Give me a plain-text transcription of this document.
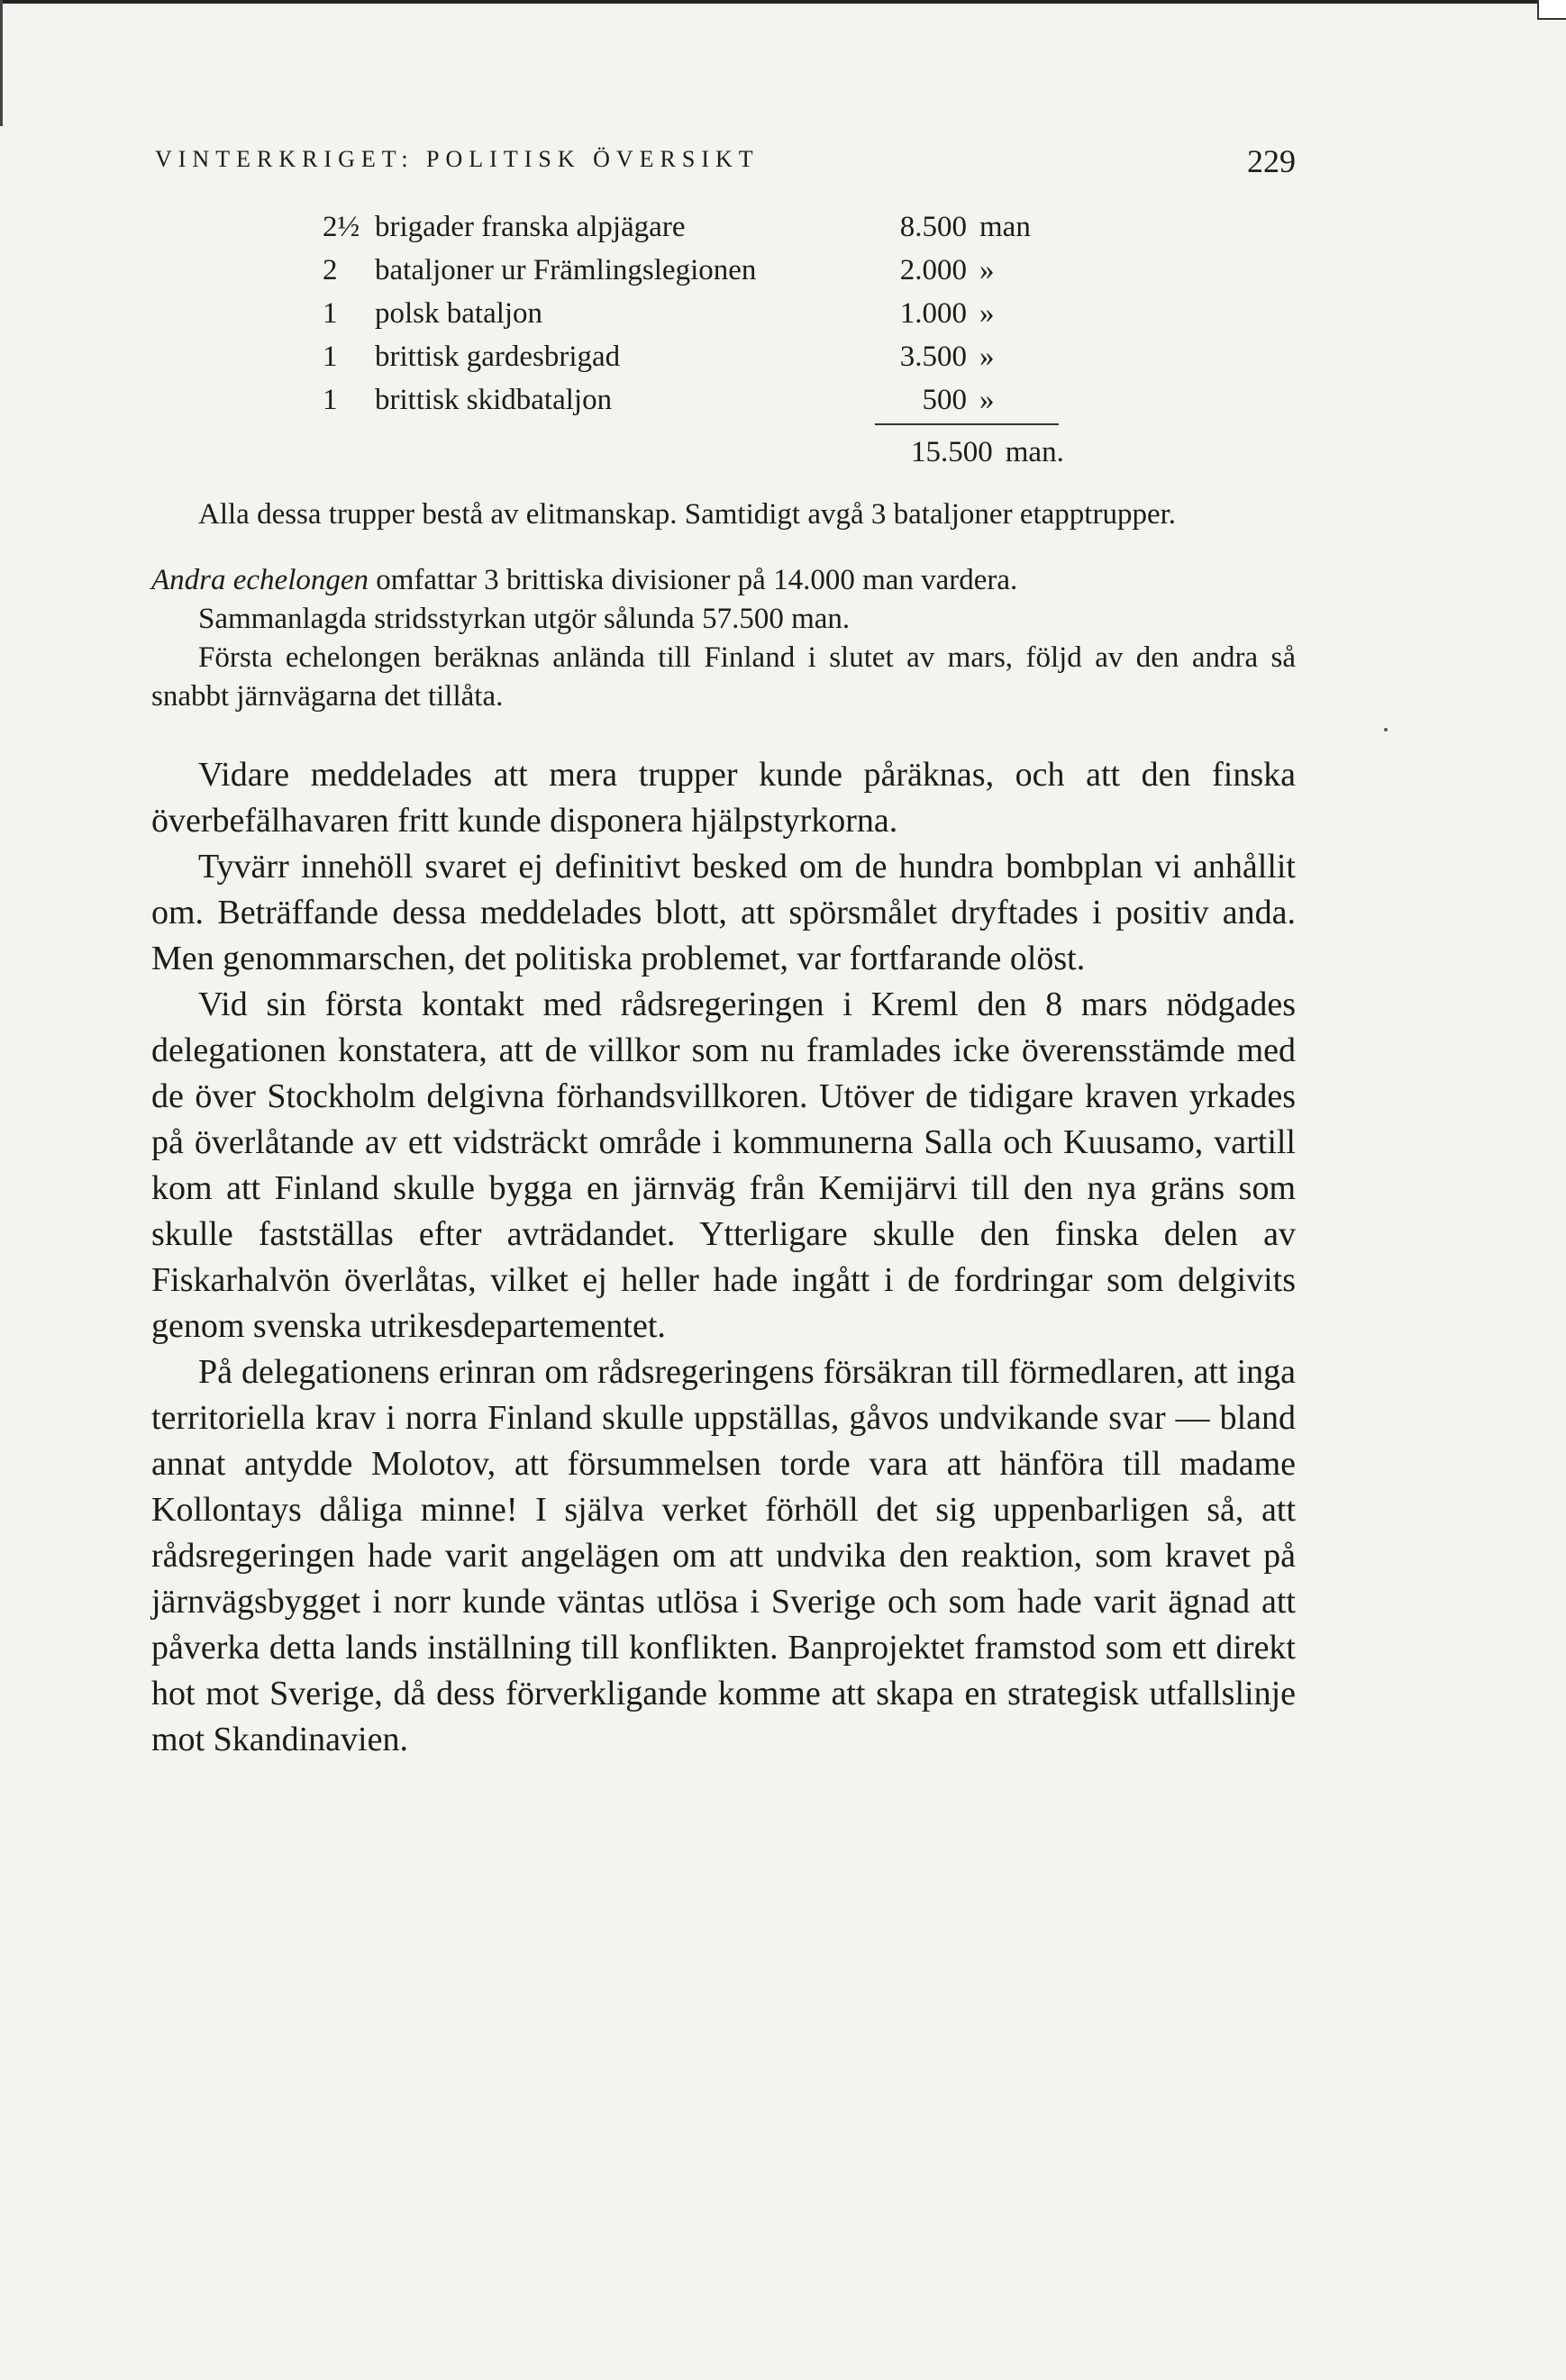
VINTERKRIGET: POLITISK ÖVERSIKT	229
2½	brigader franska alpjägare	8.500	man
2	bataljoner ur Främlingslegionen	2.000	»
1	polsk bataljon	1.000	»
1	brittisk gardesbrigad	3.500	»
1	brittisk skidbataljon	500	»
15.500 man.

Alla dessa trupper bestå av elitmanskap. Samtidigt avgå 3 bataljoner etapptrupper.

Andra echelongen omfattar 3 brittiska divisioner på 14.000 man vardera.

Sammanlagda stridsstyrkan utgör sålunda 57.500 man.

Första echelongen beräknas anlända till Finland i slutet av mars, följd av den andra så snabbt järnvägarna det tillåta.

Vidare meddelades att mera trupper kunde påräknas, och att den finska överbefälhavaren fritt kunde disponera hjälpstyrkorna.

Tyvärr innehöll svaret ej definitivt besked om de hundra bombplan vi anhållit om. Beträffande dessa meddelades blott, att spörsmålet dryftades i positiv anda. Men genommarschen, det politiska problemet, var fortfarande olöst.

Vid sin första kontakt med rådsregeringen i Kreml den 8 mars nödgades delegationen konstatera, att de villkor som nu framlades icke överensstämde med de över Stockholm delgivna förhandsvillkoren. Utöver de tidigare kraven yrkades på överlåtande av ett vidsträckt område i kommunerna Salla och Kuusamo, vartill kom att Finland skulle bygga en järnväg från Kemijärvi till den nya gräns som skulle fastställas efter avträdandet. Ytterligare skulle den finska delen av Fiskarhalvön överlåtas, vilket ej heller hade ingått i de fordringar som delgivits genom svenska utrikesdepartementet.

På delegationens erinran om rådsregeringens försäkran till förmedlaren, att inga territoriella krav i norra Finland skulle uppställas, gåvos undvikande svar — bland annat antydde Molotov, att försummelsen torde vara att hänföra till madame Kollontays dåliga minne! I själva verket förhöll det sig uppenbarligen så, att rådsregeringen hade varit angelägen om att undvika den reaktion, som kravet på järnvägsbygget i norr kunde väntas utlösa i Sverige och som hade varit ägnad att påverka detta lands inställning till konflikten. Banprojektet framstod som ett direkt hot mot Sverige, då dess förverkligande komme att skapa en strategisk utfallslinje mot Skandinavien.
